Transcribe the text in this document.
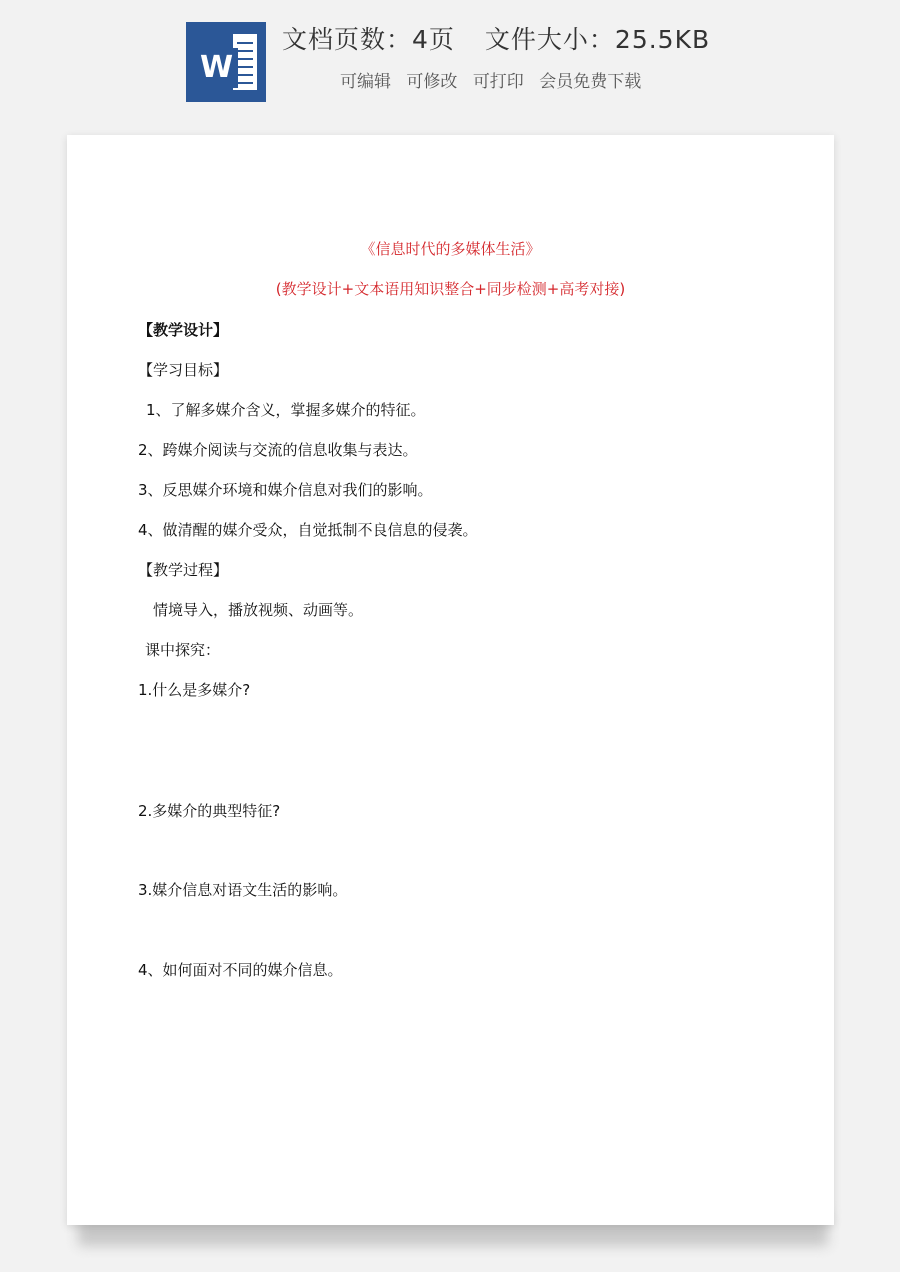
W
文档页数：4页 文件大小：25.5KB
可编辑 可修改 可打印 会员免费下载
《信息时代的多媒体生活》
(教学设计+文本语用知识整合+同步检测+高考对接)
【教学设计】
【学习目标】
1、了解多媒介含义，掌握多媒介的特征。
2、跨媒介阅读与交流的信息收集与表达。
3、反思媒介环境和媒介信息对我们的影响。
4、做清醒的媒介受众，自觉抵制不良信息的侵袭。
【教学过程】
情境导入，播放视频、动画等。
课中探究：
1.什么是多媒介?
2.多媒介的典型特征?
3.媒介信息对语文生活的影响。
4、如何面对不同的媒介信息。
